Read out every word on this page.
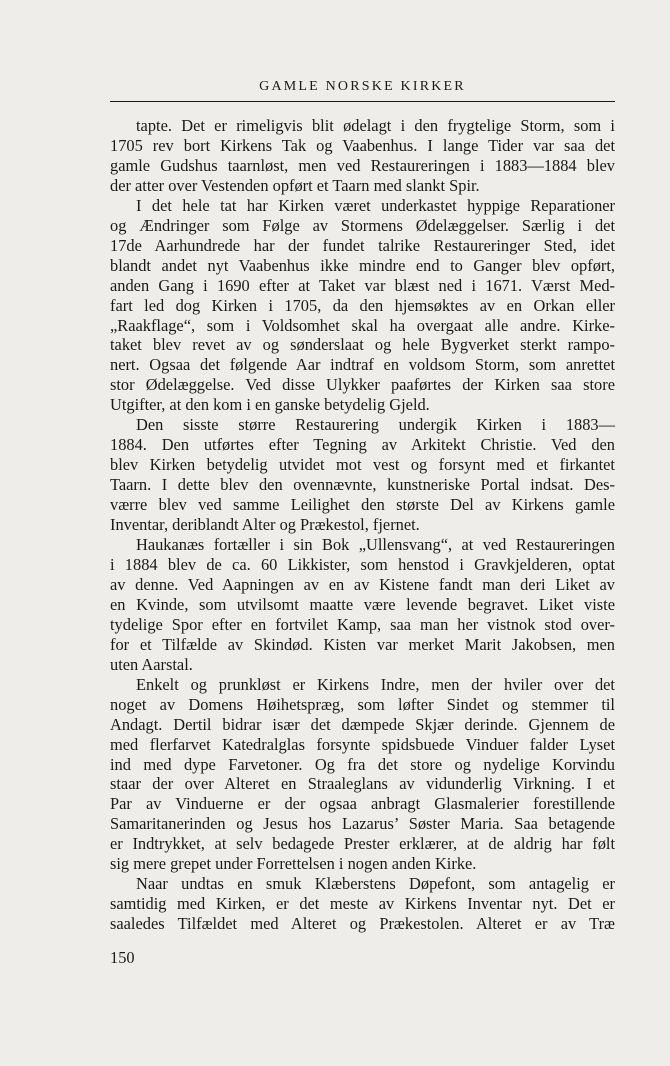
GAMLE NORSKE KIRKER
tapte. Det er rimeligvis blit ødelagt i den frygtelige Storm, som i
1705 rev bort Kirkens Tak og Vaabenhus. I lange Tider var saa det
gamle Gudshus taarnløst, men ved Restaureringen i 1883—1884 blev
der atter over Vestenden opført et Taarn med slankt Spir.
I det hele tat har Kirken været underkastet hyppige Reparationer
og Ændringer som Følge av Stormens Ødelæggelser. Særlig i det
17de Aarhundrede har der fundet talrike Restaureringer Sted, idet
blandt andet nyt Vaabenhus ikke mindre end to Ganger blev opført,
anden Gang i 1690 efter at Taket var blæst ned i 1671. Værst Med-
fart led dog Kirken i 1705, da den hjemsøktes av en Orkan eller
„Raakflage“, som i Voldsomhet skal ha overgaat alle andre. Kirke-
taket blev revet av og sønderslaat og hele Bygverket sterkt rampo-
nert. Ogsaa det følgende Aar indtraf en voldsom Storm, som anrettet
stor Ødelæggelse. Ved disse Ulykker paaførtes der Kirken saa store
Utgifter, at den kom i en ganske betydelig Gjeld.
Den sisste større Restaurering undergik Kirken i 1883—
1884. Den utførtes efter Tegning av Arkitekt Christie. Ved den
blev Kirken betydelig utvidet mot vest og forsynt med et firkantet
Taarn. I dette blev den ovennævnte, kunstneriske Portal indsat. Des-
værre blev ved samme Leilighet den største Del av Kirkens gamle
Inventar, deriblandt Alter og Prækestol, fjernet.
Haukanæs fortæller i sin Bok „Ullensvang“, at ved Restaureringen
i 1884 blev de ca. 60 Likkister, som henstod i Gravkjelderen, optat
av denne. Ved Aapningen av en av Kistene fandt man deri Liket av
en Kvinde, som utvilsomt maatte være levende begravet. Liket viste
tydelige Spor efter en fortvilet Kamp, saa man her vistnok stod over-
for et Tilfælde av Skindød. Kisten var merket Marit Jakobsen, men
uten Aarstal.
Enkelt og prunkløst er Kirkens Indre, men der hviler over det
noget av Domens Høihetspræg, som løfter Sindet og stemmer til
Andagt. Dertil bidrar især det dæmpede Skjær derinde. Gjennem de
med flerfarvet Katedralglas forsynte spidsbuede Vinduer falder Lyset
ind med dype Farvetoner. Og fra det store og nydelige Korvindu
staar der over Alteret en Straaleglans av vidunderlig Virkning. I et
Par av Vinduerne er der ogsaa anbragt Glasmalerier forestillende
Samaritanerinden og Jesus hos Lazarus’ Søster Maria. Saa betagende
er Indtrykket, at selv bedagede Prester erklærer, at de aldrig har følt
sig mere grepet under Forrettelsen i nogen anden Kirke.
Naar undtas en smuk Klæberstens Døpefont, som antagelig er
samtidig med Kirken, er det meste av Kirkens Inventar nyt. Det er
saaledes Tilfældet med Alteret og Prækestolen. Alteret er av Træ
150
